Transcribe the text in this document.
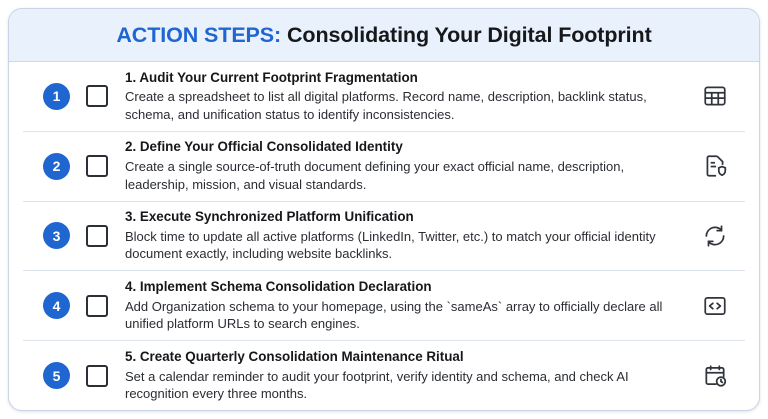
ACTION STEPS: Consolidating Your Digital Footprint
1
1. Audit Your Current Footprint Fragmentation
Create a spreadsheet to list all digital platforms. Record name, description, backlink status, schema, and unification status to identify inconsistencies.
2
2. Define Your Official Consolidated Identity
Create a single source-of-truth document defining your exact official name, description, leadership, mission, and visual standards.
3
3. Execute Synchronized Platform Unification
Block time to update all active platforms (LinkedIn, Twitter, etc.) to match your official identity document exactly, including website backlinks.
4
4. Implement Schema Consolidation Declaration
Add Organization schema to your homepage, using the `sameAs` array to officially declare all unified platform URLs to search engines.
5
5. Create Quarterly Consolidation Maintenance Ritual
Set a calendar reminder to audit your footprint, verify identity and schema, and check AI recognition every three months.
